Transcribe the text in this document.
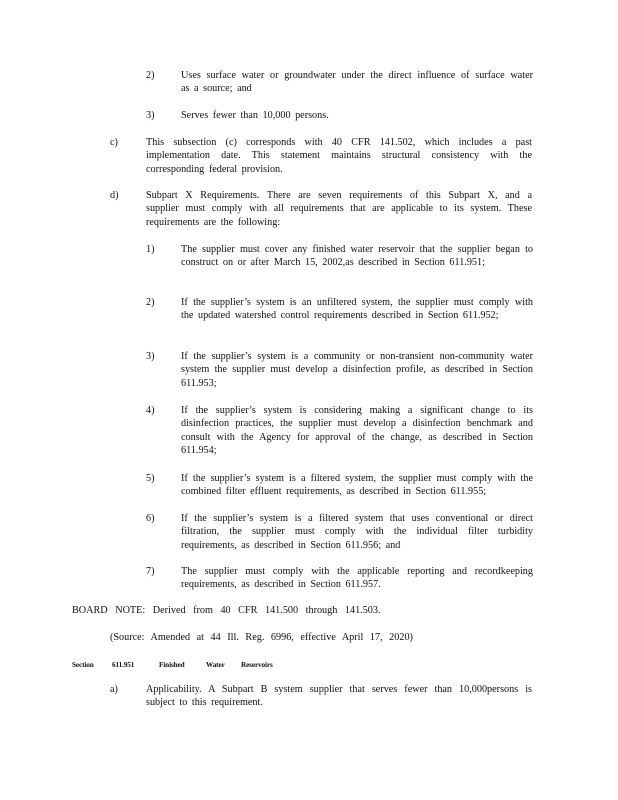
2)	Uses surface water or groundwater under the direct influence of surface water as a source; and
3)	Serves fewer than 10,000 persons.
c)	This subsection (c) corresponds with 40 CFR 141.502, which includes a past implementation date. This statement maintains structural consistency with the corresponding federal provision.
d)	Subpart X Requirements. There are seven requirements of this Subpart X, and a supplier must comply with all requirements that are applicable to its system. These requirements are the following:
1)	The supplier must cover any finished water reservoir that the supplier began to construct on or after March 15, 2002,as described in Section 611.951;
2)	If the supplier’s system is an unfiltered system, the supplier must comply with the updated watershed control requirements described in Section 611.952;
3)	If the supplier’s system is a community or non-transient non-community water system the supplier must develop a disinfection profile, as described in Section 611.953;
4)	If the supplier’s system is considering making a significant change to its disinfection practices, the supplier must develop a disinfection benchmark and consult with the Agency for approval of the change, as described in Section 611.954;
5)	If the supplier’s system is a filtered system, the supplier must comply with the combined filter effluent requirements, as described in Section 611.955;
6)	If the supplier’s system is a filtered system that uses conventional or direct filtration, the supplier must comply with the individual filter turbidity requirements, as described in Section 611.956; and
7)	The supplier must comply with the applicable reporting and recordkeeping requirements, as described in Section 611.957.
BOARD NOTE: Derived from 40 CFR 141.500 through 141.503.
(Source: Amended at 44 Ill. Reg. 6996, effective April 17, 2020)
Section	611.951	Finished	Water Reservoirs
a)	Applicability. A Subpart B system supplier that serves fewer than 10,000persons is subject to this requirement.
